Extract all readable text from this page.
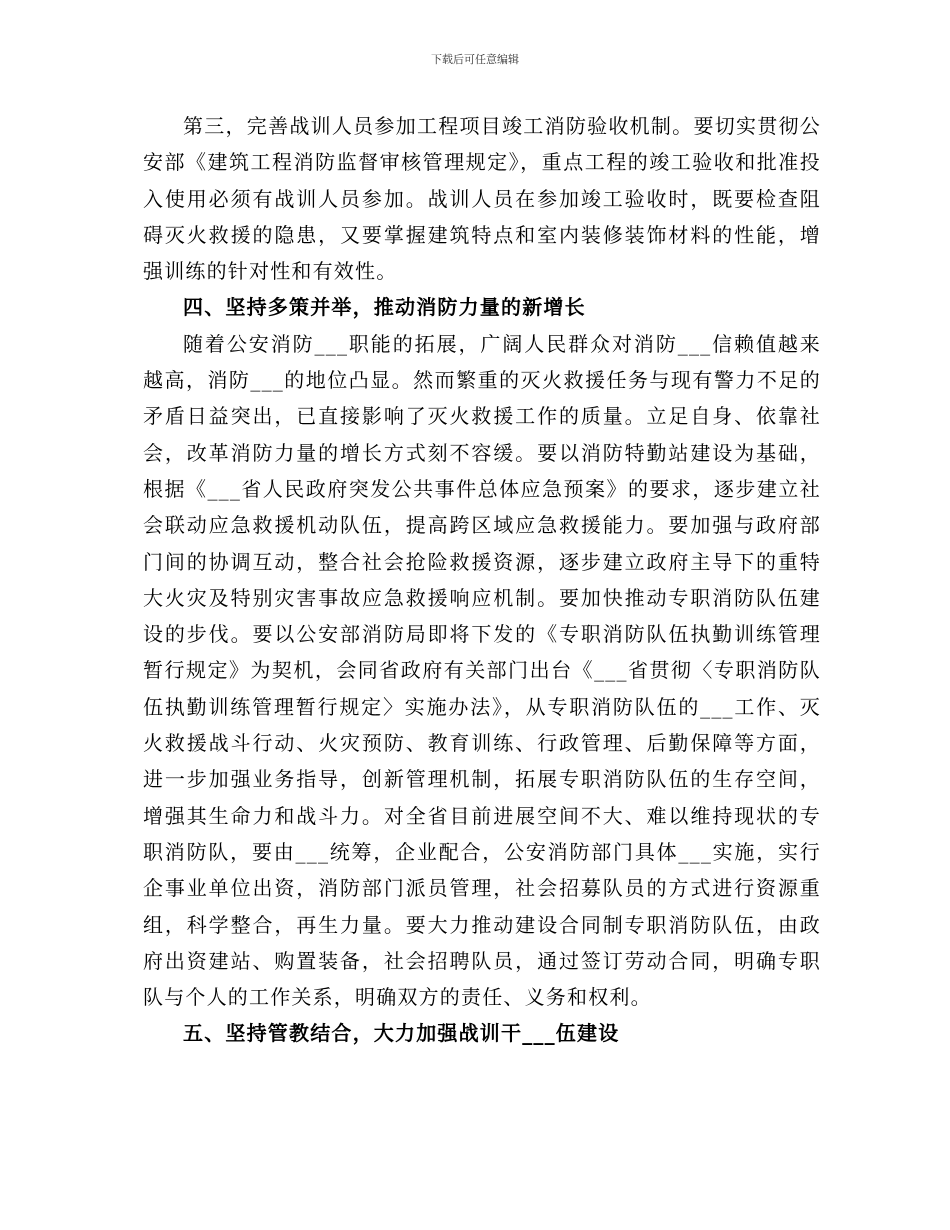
下载后可任意编辑

第三，完善战训人员参加工程项目竣工消防验收机制。要切实贯彻公安部《建筑工程消防监督审核管理规定》，重点工程的竣工验收和批准投入使用必须有战训人员参加。战训人员在参加竣工验收时，既要检查阻碍灭火救援的隐患，又要掌握建筑特点和室内装修装饰材料的性能，增强训练的针对性和有效性。

四、坚持多策并举，推动消防力量的新增长

随着公安消防___职能的拓展，广阔人民群众对消防___信赖值越来越高，消防___的地位凸显。然而繁重的灭火救援任务与现有警力不足的矛盾日益突出，已直接影响了灭火救援工作的质量。立足自身、依靠社会，改革消防力量的增长方式刻不容缓。要以消防特勤站建设为基础，根据《___省人民政府突发公共事件总体应急预案》的要求，逐步建立社会联动应急救援机动队伍，提高跨区域应急救援能力。要加强与政府部门间的协调互动，整合社会抢险救援资源，逐步建立政府主导下的重特大火灾及特别灾害事故应急救援响应机制。要加快推动专职消防队伍建设的步伐。要以公安部消防局即将下发的《专职消防队伍执勤训练管理暂行规定》为契机，会同省政府有关部门出台《___省贯彻〈专职消防队伍执勤训练管理暂行规定〉实施办法》，从专职消防队伍的___工作、灭火救援战斗行动、火灾预防、教育训练、行政管理、后勤保障等方面，进一步加强业务指导，创新管理机制，拓展专职消防队伍的生存空间，增强其生命力和战斗力。对全省目前进展空间不大、难以维持现状的专职消防队，要由___统筹，企业配合，公安消防部门具体___实施，实行企事业单位出资，消防部门派员管理，社会招募队员的方式进行资源重组，科学整合，再生力量。要大力推动建设合同制专职消防队伍，由政府出资建站、购置装备，社会招聘队员，通过签订劳动合同，明确专职队与个人的工作关系，明确双方的责任、义务和权利。

五、坚持管教结合，大力加强战训干___伍建设
